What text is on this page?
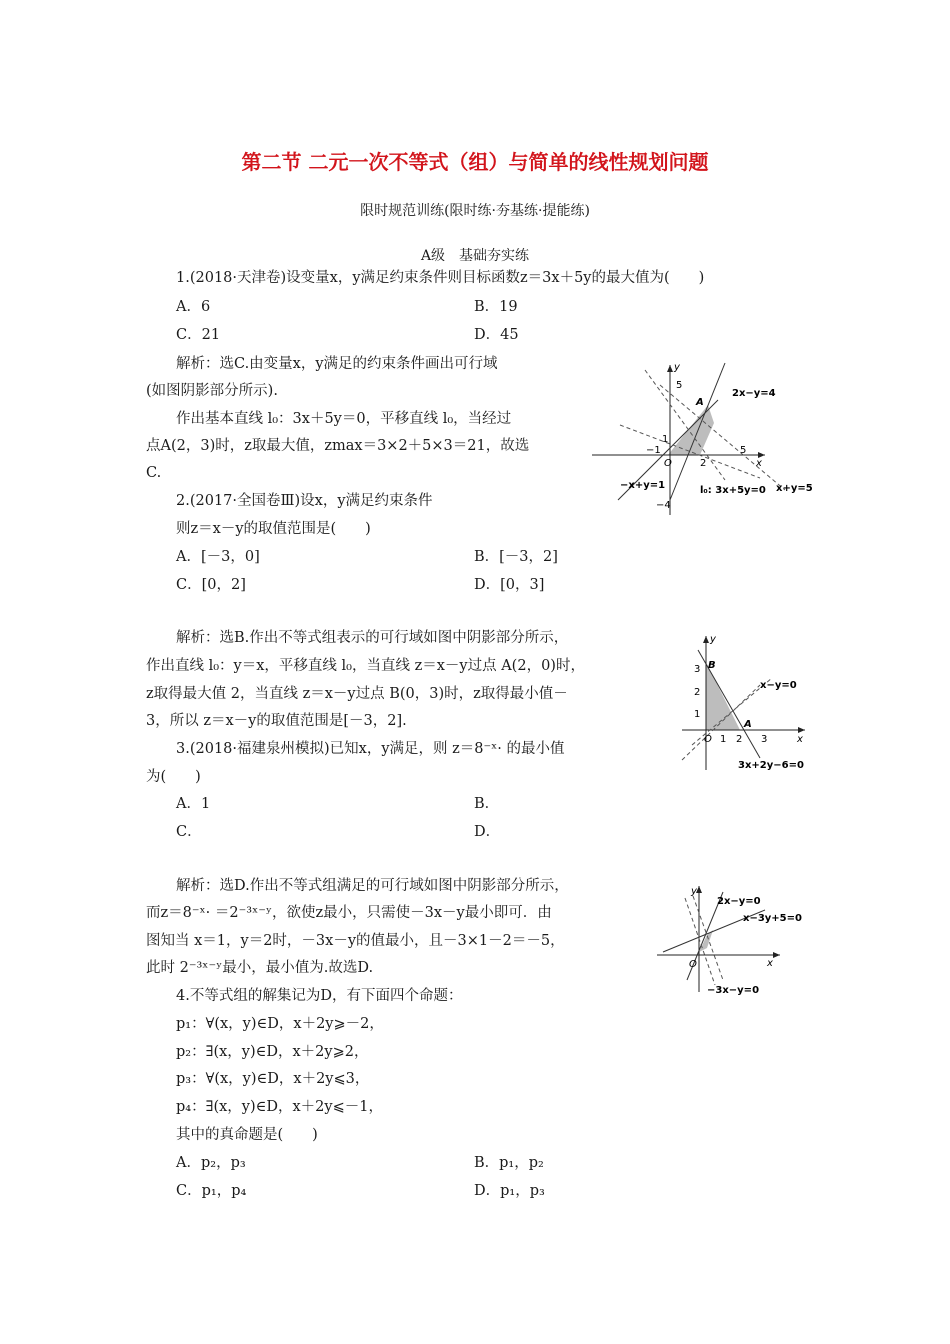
第二节 二元一次不等式（组）与简单的线性规划问题
限时规范训练(限时练·夯基练·提能练)
A级　基础夯实练
1.(2018·天津卷)设变量x，y满足约束条件则目标函数z＝3x＋5y的最大值为(　　)
A．6	B．19
C．21	D．45
解析：选C.由变量x，y满足的约束条件画出可行域
(如图阴影部分所示).
作出基本直线 l₀：3x＋5y＝0，平移直线 l₀，当经过
点A(2，3)时，z取最大值，zmax＝3×2＋5×3＝21，故选
C.
y
5
A
2x−y=4
1
−1
O	2
5
x
−x+y=1	l₀: 3x+5y=0 x+y=5
−4
2.(2017·全国卷Ⅲ)设x，y满足约束条件
则z＝x－y的取值范围是(　　)
A．[－3，0]	B．[－3，2]
C．[0，2]	D．[0，3]
解析：选B.作出不等式组表示的可行域如图中阴影部分所示，
作出直线 l₀：y＝x，平移直线 l₀，当直线 z＝x－y过点 A(2，0)时，
z取得最大值 2，当直线 z＝x－y过点 B(0，3)时，z取得最小值－
3，所以 z＝x－y的取值范围是[－3，2].
y
3 B
2
1
x−y=0
O 1 2
A
3	x
3x+2y−6=0
3.(2018·福建泉州模拟)已知x，y满足，则 z＝8⁻ˣ· 的最小值
为(　　)
A．1	B．
C．	D．
解析：选D.作出不等式组满足的可行域如图中阴影部分所示，
而z＝8⁻ˣ· ＝2⁻³ˣ⁻ʸ，欲使z最小，只需使－3x－y最小即可．由
图知当 x＝1，y＝2时，－3x－y的值最小，且－3×1－2＝－5，
此时 2⁻³ˣ⁻ʸ最小，最小值为.故选D.
y
2x−y=0
x−3y+5=0
O	x
−3x−y=0
4.不等式组的解集记为D，有下面四个命题：
p₁：∀(x，y)∈D，x＋2y⩾－2，
p₂：∃(x，y)∈D，x＋2y⩾2，
p₃：∀(x，y)∈D，x＋2y⩽3，
p₄：∃(x，y)∈D，x＋2y⩽－1，
其中的真命题是(　　)
A．p₂，p₃	B．p₁，p₂
C．p₁，p₄	D．p₁，p₃
